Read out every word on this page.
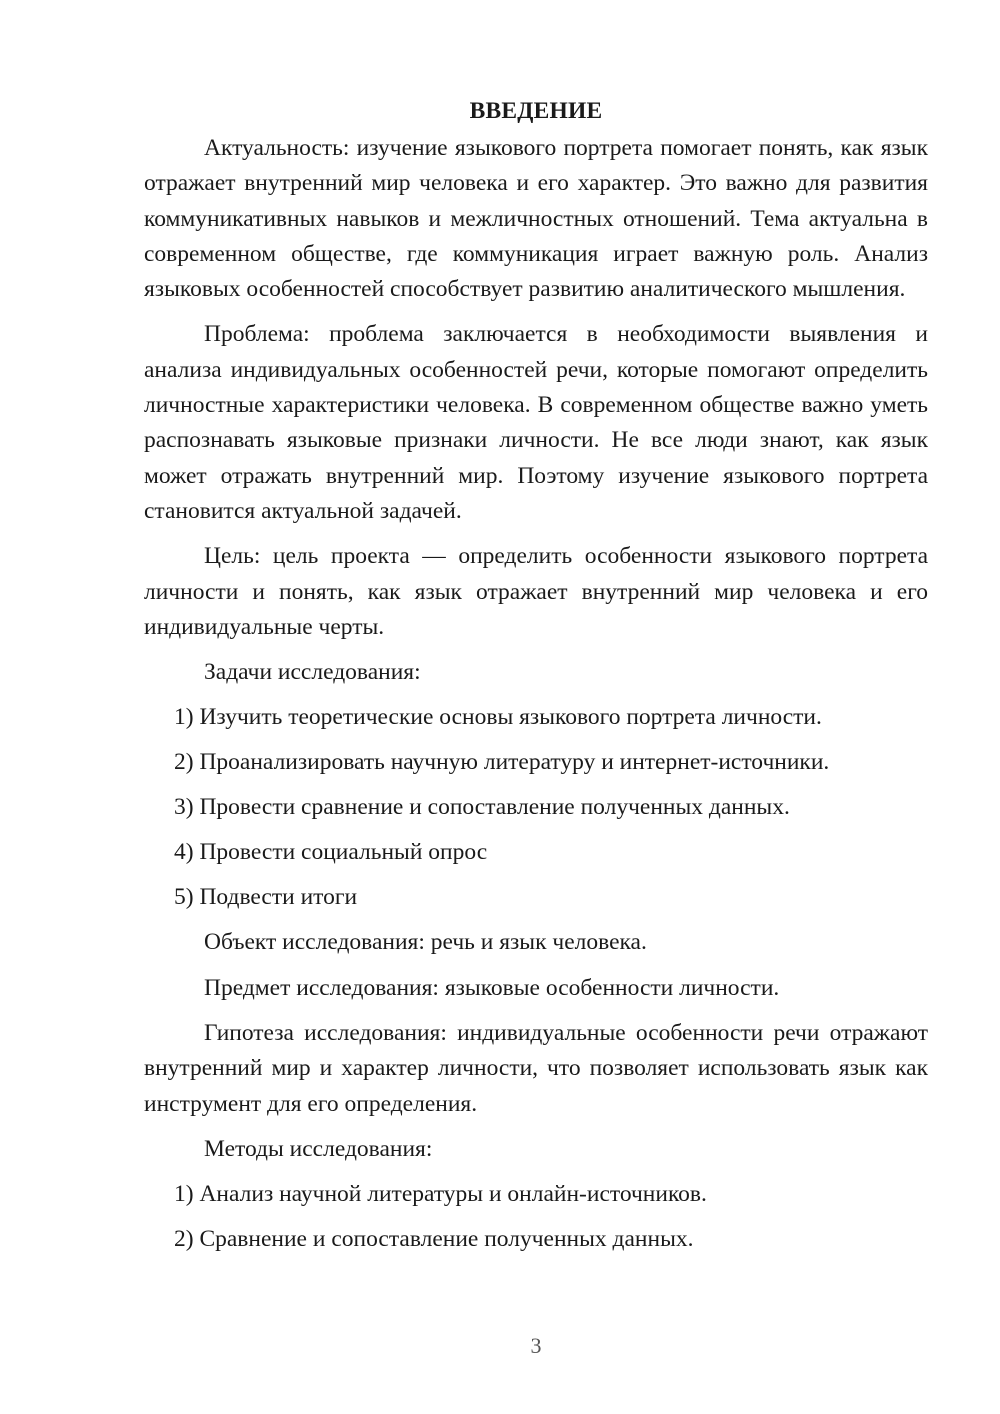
ВВЕДЕНИЕ

Актуальность: изучение языкового портрета помогает понять, как язык отражает внутренний мир человека и его характер. Это важно для развития коммуникативных навыков и межличностных отношений. Тема актуальна в современном обществе, где коммуникация играет важную роль. Анализ языковых особенностей способствует развитию аналитического мышления.

Проблема: проблема заключается в необходимости выявления и анализа индивидуальных особенностей речи, которые помогают определить личностные характеристики человека. В современном обществе важно уметь распознавать языковые признаки личности. Не все люди знают, как язык может отражать внутренний мир. Поэтому изучение языкового портрета становится актуальной задачей.

Цель: цель проекта — определить особенности языкового портрета личности и понять, как язык отражает внутренний мир человека и его индивидуальные черты.

Задачи исследования:

1) Изучить теоретические основы языкового портрета личности.
2) Проанализировать научную литературу и интернет-источники.
3) Провести сравнение и сопоставление полученных данных.
4) Провести социальный опрос
5) Подвести итоги

Объект исследования: речь и язык человека.

Предмет исследования: языковые особенности личности.

Гипотеза исследования: индивидуальные особенности речи отражают внутренний мир и характер личности, что позволяет использовать язык как инструмент для его определения.

Методы исследования:

1) Анализ научной литературы и онлайн-источников.
2) Сравнение и сопоставление полученных данных.
3
